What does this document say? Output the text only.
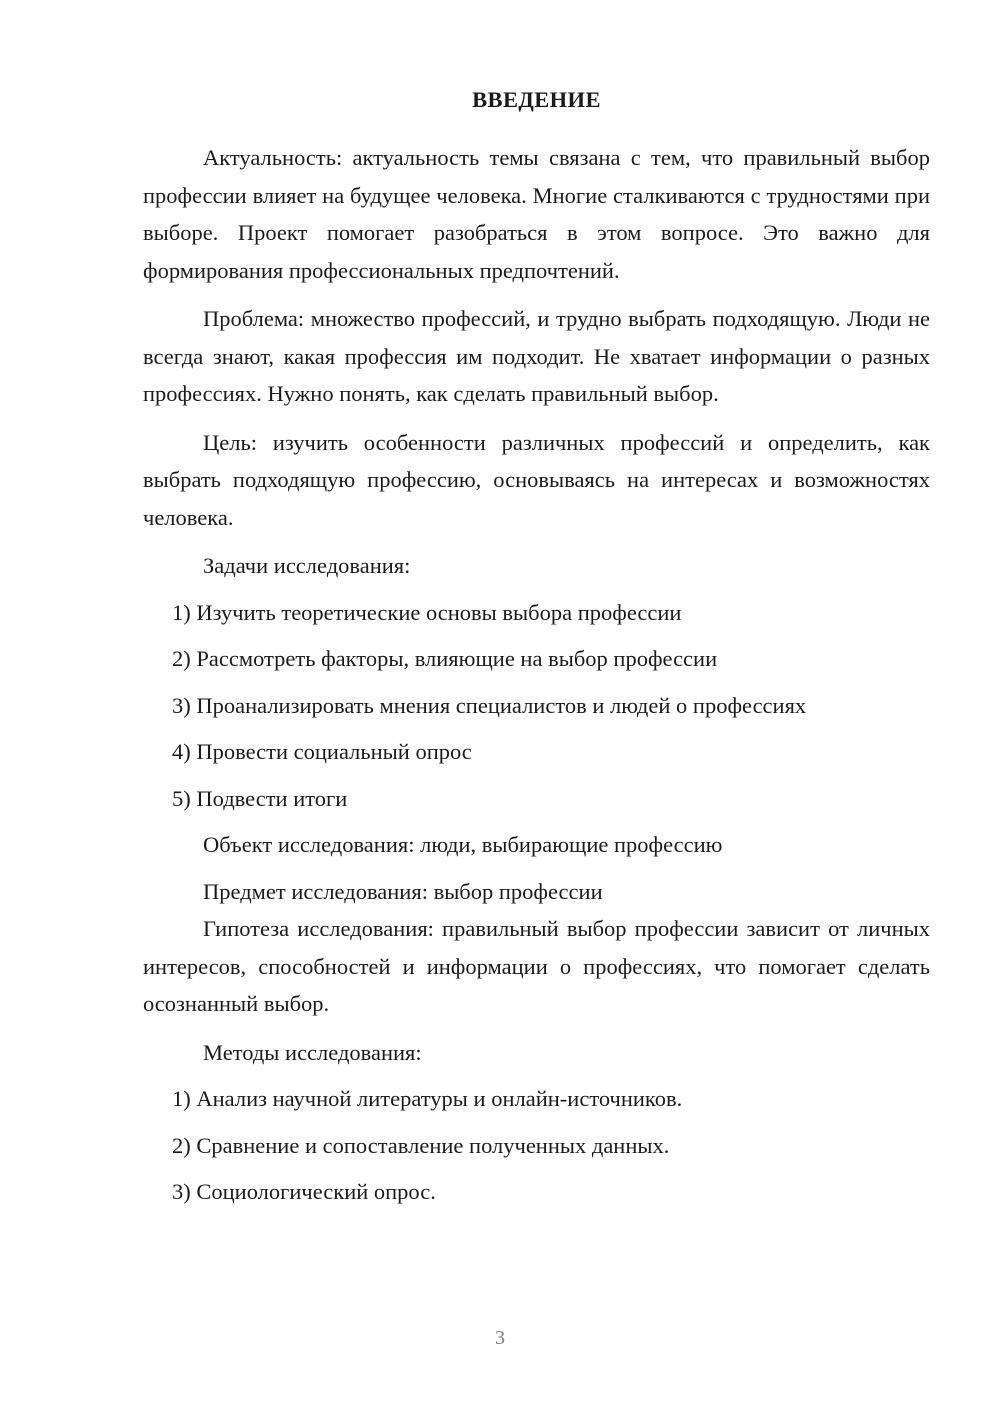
ВВЕДЕНИЕ

Актуальность: актуальность темы связана с тем, что правильный выбор профессии влияет на будущее человека. Многие сталкиваются с трудностями при выборе. Проект помогает разобраться в этом вопросе. Это важно для формирования профессиональных предпочтений.

Проблема: множество профессий, и трудно выбрать подходящую. Люди не всегда знают, какая профессия им подходит. Не хватает информации о разных профессиях. Нужно понять, как сделать правильный выбор.

Цель: изучить особенности различных профессий и определить, как выбрать подходящую профессию, основываясь на интересах и возможностях человека.

Задачи исследования:

1) Изучить теоретические основы выбора профессии
2) Рассмотреть факторы, влияющие на выбор профессии
3) Проанализировать мнения специалистов и людей о профессиях
4) Провести социальный опрос
5) Подвести итоги

Объект исследования: люди, выбирающие профессию

Предмет исследования: выбор профессии

Гипотеза исследования: правильный выбор профессии зависит от личных интересов, способностей и информации о профессиях, что помогает сделать осознанный выбор.

Методы исследования:

1) Анализ научной литературы и онлайн-источников.
2) Сравнение и сопоставление полученных данных.
3) Социологический опрос.
3
